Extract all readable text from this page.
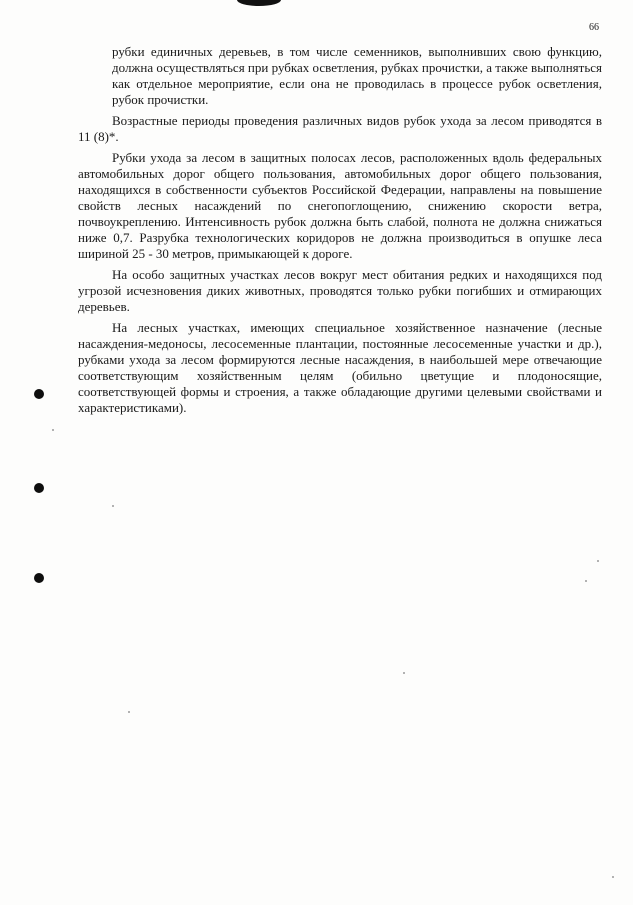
66

рубки единичных деревьев, в том числе семенников, выполнивших свою функцию, должна осуществляться при рубках осветления, рубках прочистки, а также выполняться как отдельное мероприятие, если она не проводилась в процессе рубок осветления, рубок прочистки.

Возрастные периоды проведения различных видов рубок ухода за лесом приводятся в 11 (8)*.

Рубки ухода за лесом в защитных полосах лесов, расположенных вдоль федеральных автомобильных дорог общего пользования, автомобильных дорог общего пользования, находящихся в собственности субъектов Российской Федерации, направлены на повышение свойств лесных насаждений по снегопоглощению, снижению скорости ветра, почвоукреплению. Интенсивность рубок должна быть слабой, полнота не должна снижаться ниже 0,7. Разрубка технологических коридоров не должна производиться в опушке леса шириной 25 - 30 метров, примыкающей к дороге.

На особо защитных участках лесов вокруг мест обитания редких и находящихся под угрозой исчезновения диких животных, проводятся только рубки погибших и отмирающих деревьев.

На лесных участках, имеющих специальное хозяйственное назначение (лесные насаждения-медоносы, лесосеменные плантации, постоянные лесосеменные участки и др.), рубками ухода за лесом формируются лесные насаждения, в наибольшей мере отвечающие соответствующим хозяйственным целям (обильно цветущие и плодоносящие, соответствующей формы и строения, а также обладающие другими целевыми свойствами и характеристиками).
